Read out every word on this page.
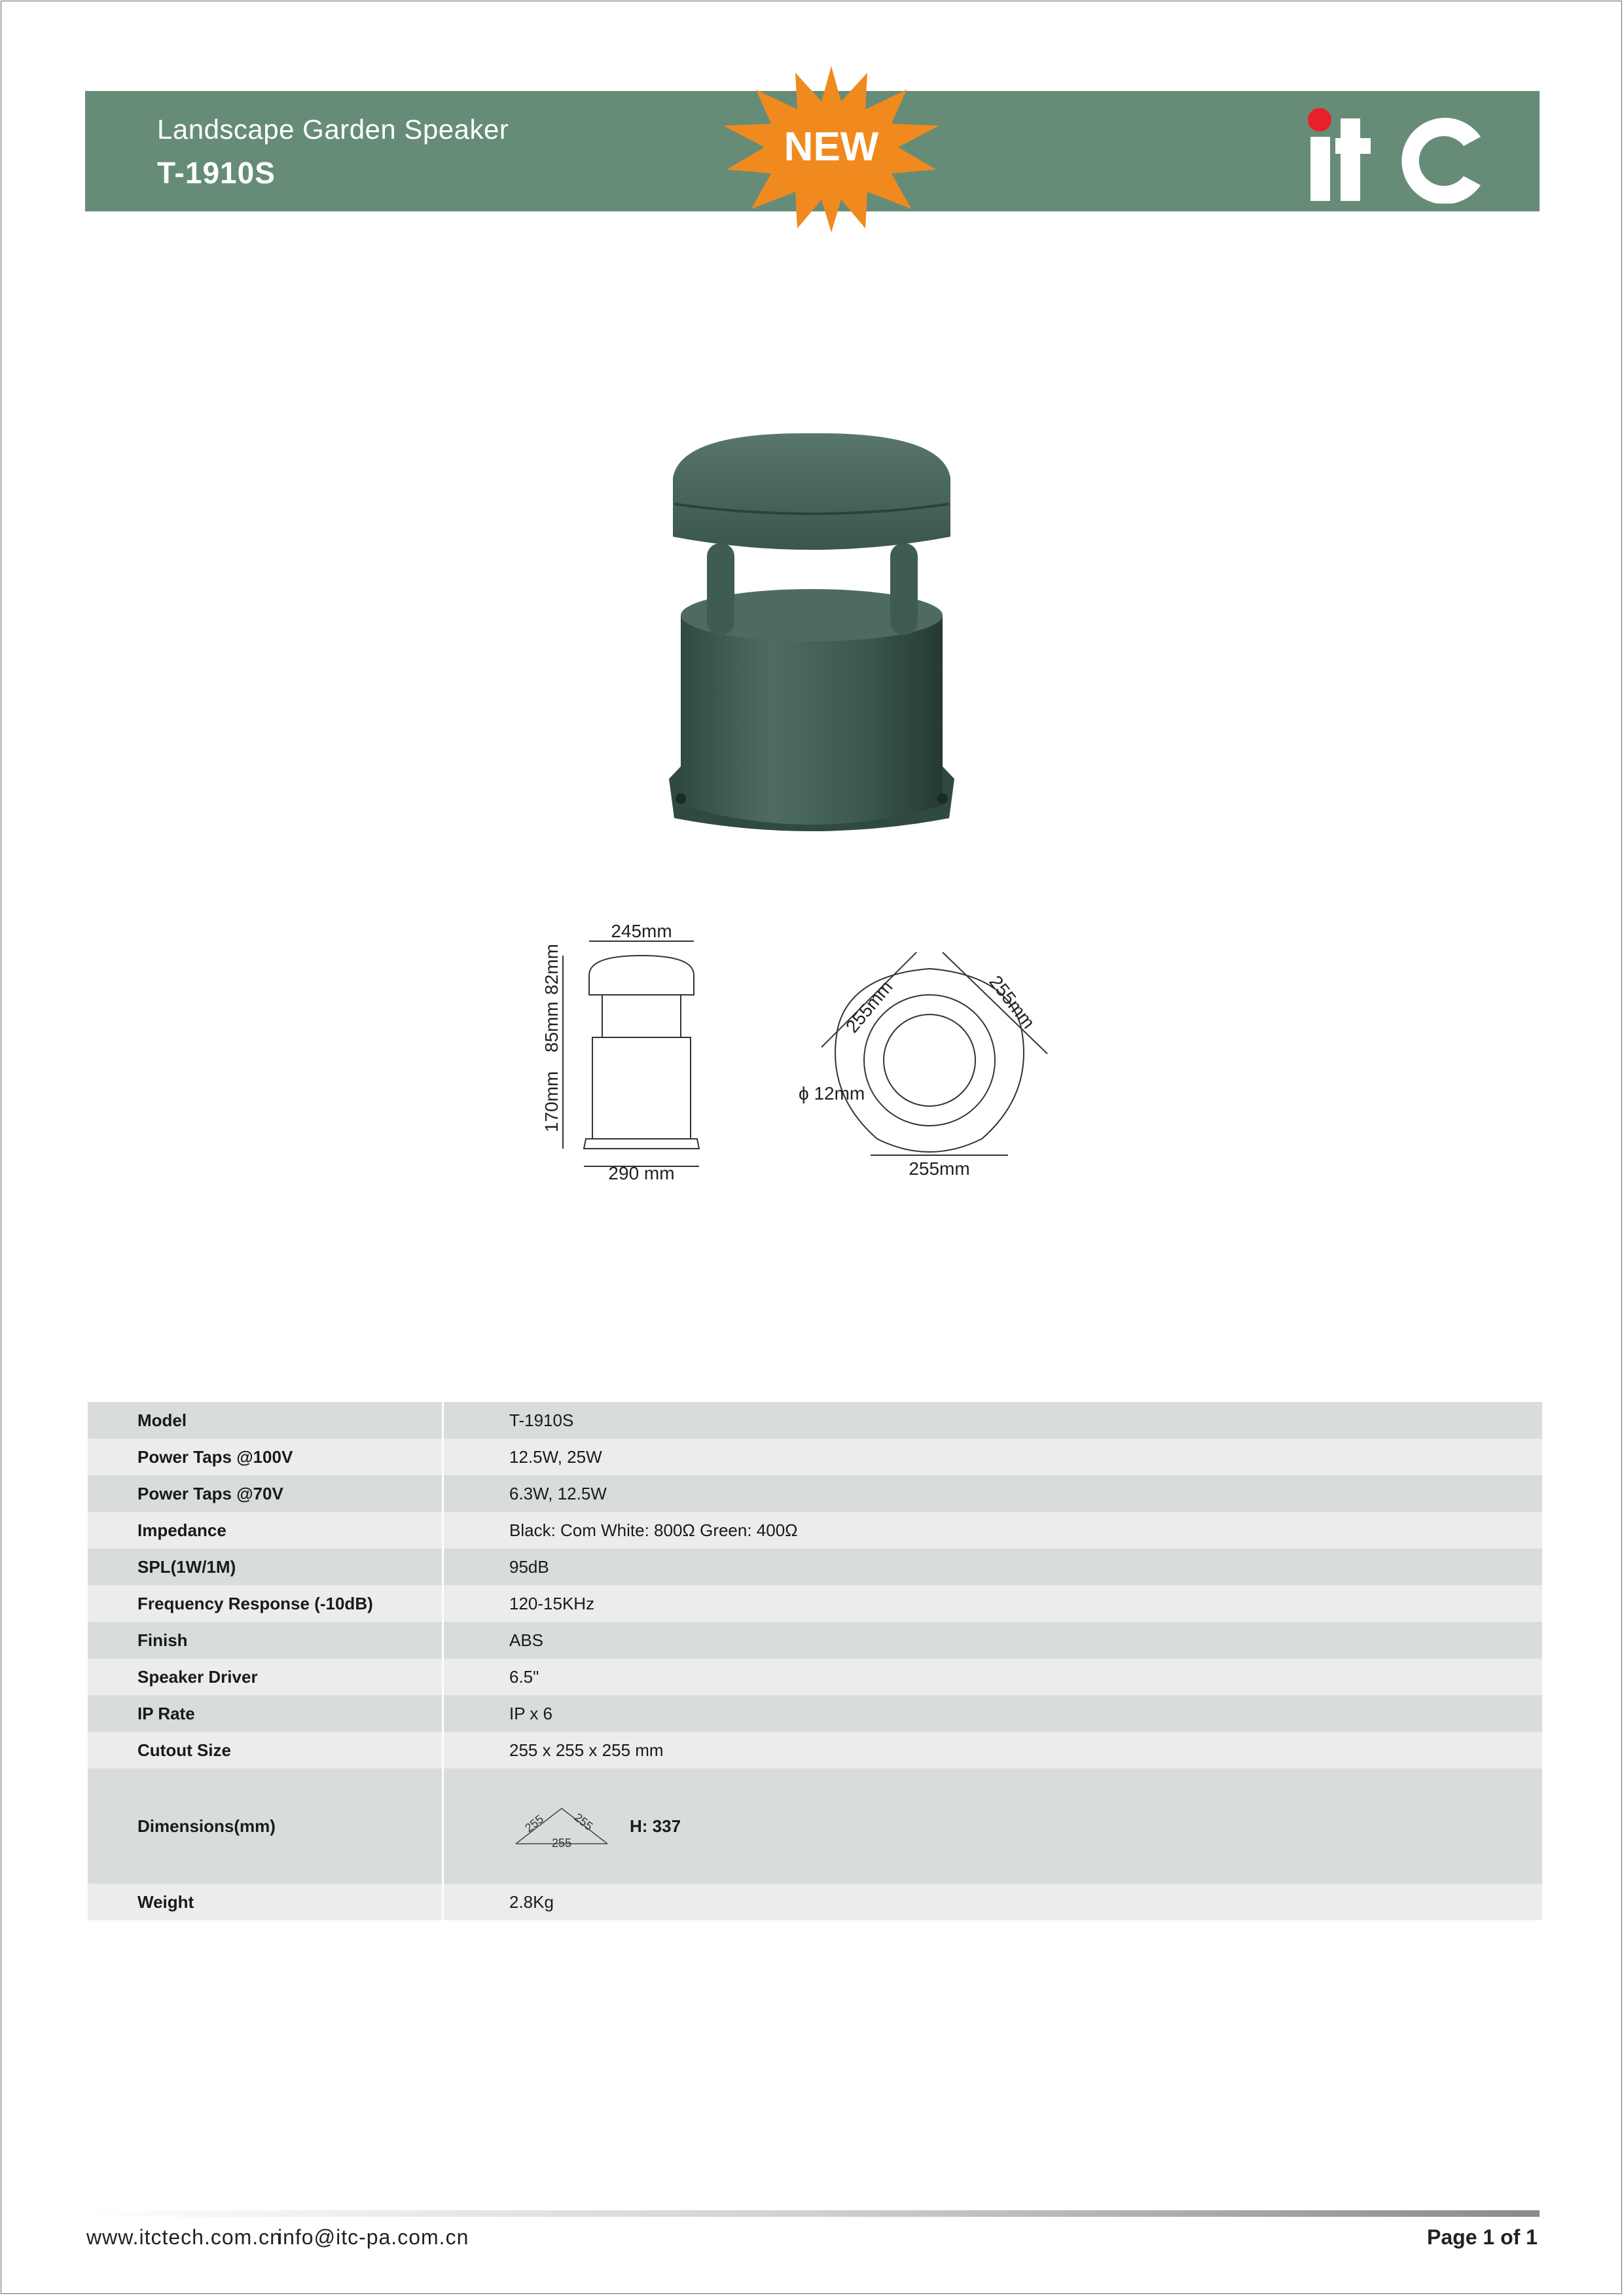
Landscape Garden Speaker
T-1910S
NEW
245mm
290 mm
82mm
85mm
170mm
255mm	255mm
255mm
ϕ 12mm
Model	T-1910S
Power Taps @100V	12.5W, 25W
Power Taps @70V	6.3W, 12.5W
Impedance	Black: Com White: 800Ω Green: 400Ω
SPL(1W/1M)	95dB
Frequency Response (-10dB)	120-15KHz
Finish	ABS
Speaker Driver	6.5"
IP Rate	IP x 6
Cutout Size	255 x 255 x 255 mm
Dimensions(mm)	255 255
255
H: 337

Weight	2.8Kg
www.itctech.com.cn
info@itc-pa.com.cn	Page 1 of 1
